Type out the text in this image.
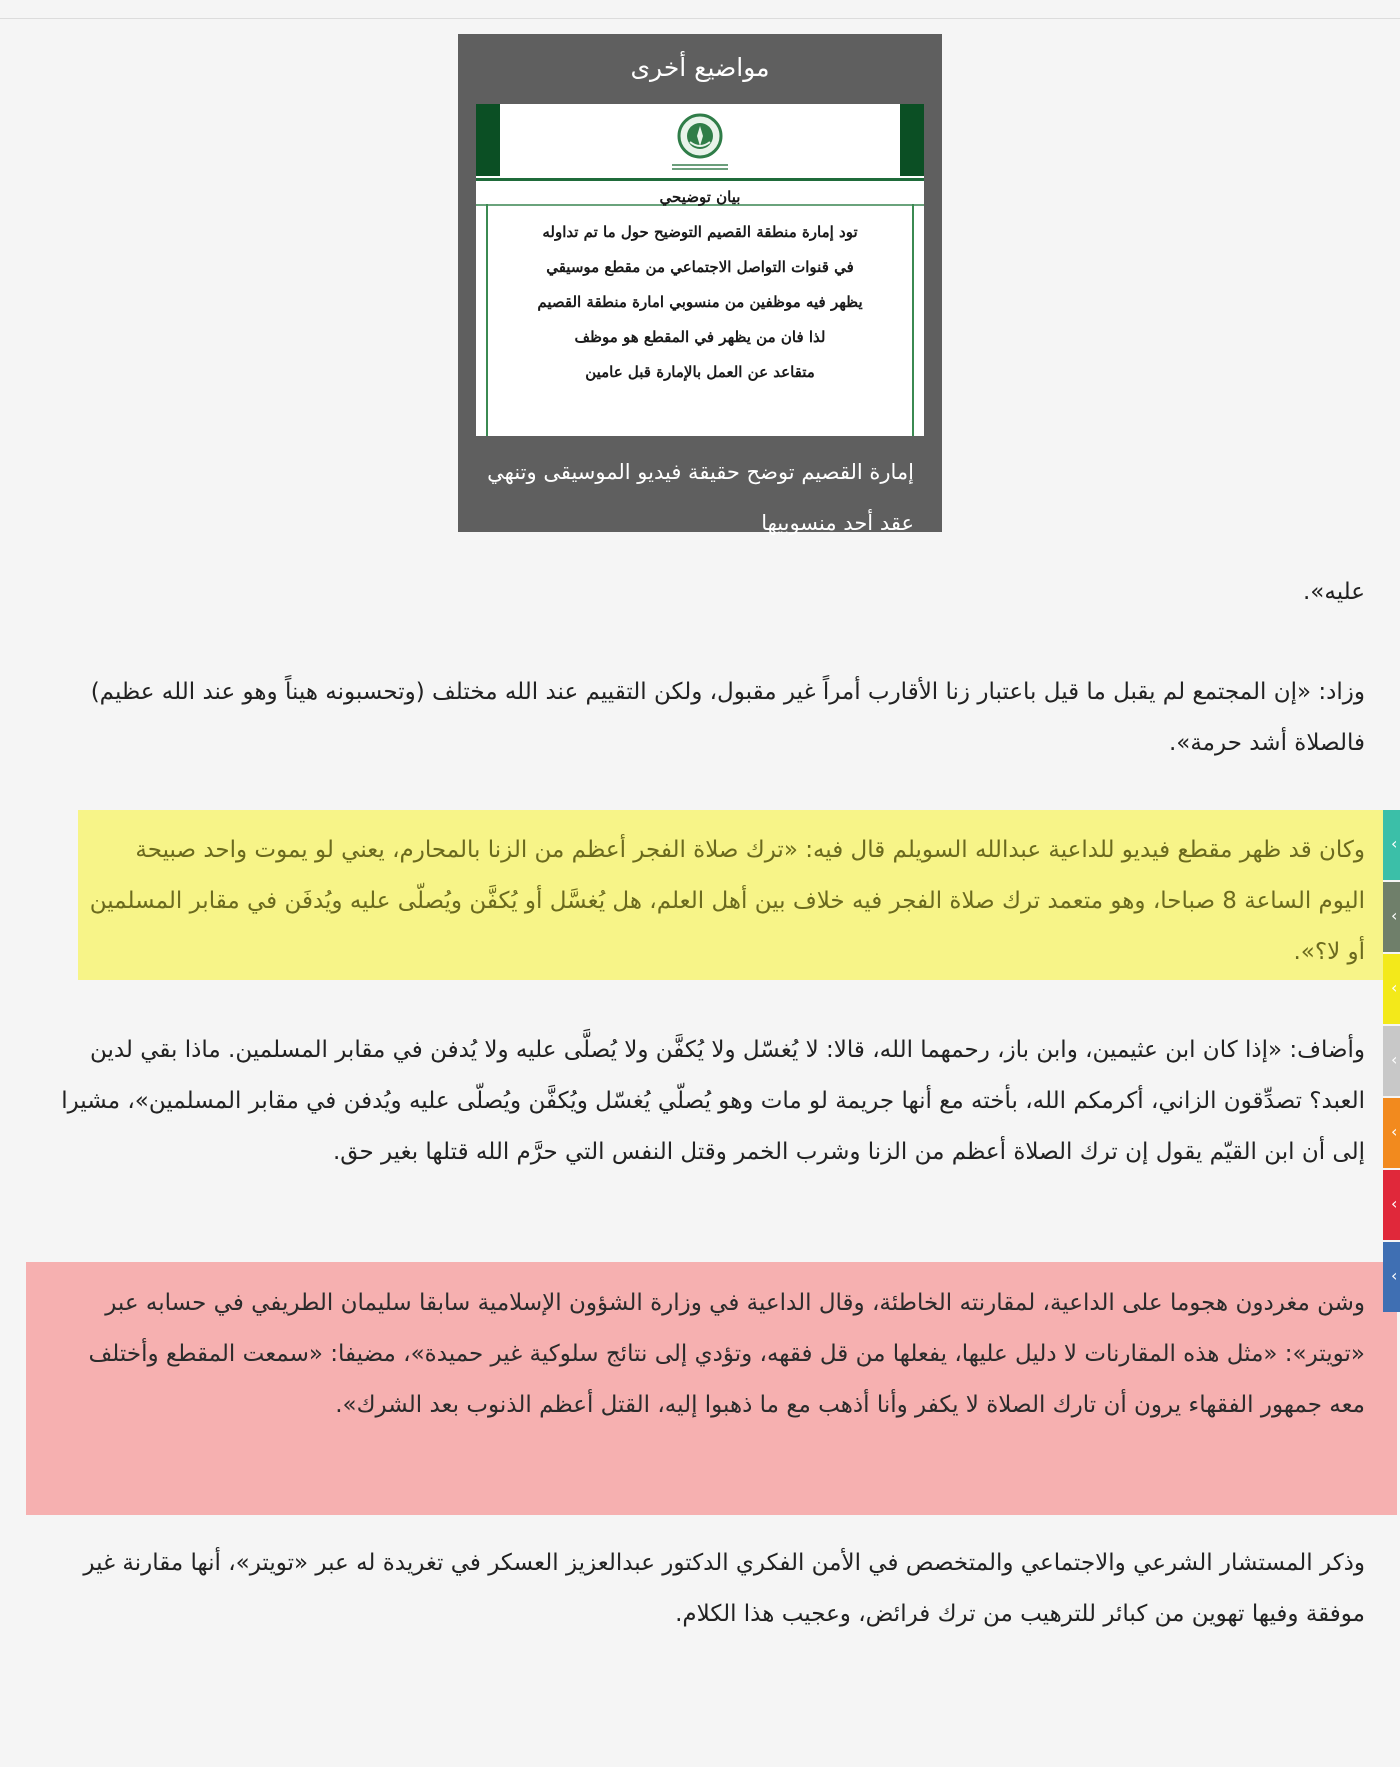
مواضيع أخرى
بيان توضيحي
تود إمارة منطقة القصيم التوضيح حول ما تم تداوله
في قنوات التواصل الاجتماعي من مقطع موسيقي
يظهر فيه موظفين من منسوبي امارة منطقة القصيم
لذا فان من يظهر في المقطع هو موظف
متقاعد عن العمل بالإمارة قبل عامين
إمارة القصيم توضح حقيقة فيديو الموسيقى وتنهي عقد أحد منسوبيها

عليه».

وزاد: «إن المجتمع لم يقبل ما قيل باعتبار زنا الأقارب أمراً غير مقبول، ولكن التقييم عند الله مختلف (وتحسبونه هيناً وهو عند الله عظيم) فالصلاة أشد حرمة».

وكان قد ظهر مقطع فيديو للداعية عبدالله السويلم قال فيه: «ترك صلاة الفجر أعظم من الزنا بالمحارم، يعني لو يموت واحد صبيحة اليوم الساعة 8 صباحا، وهو متعمد ترك صلاة الفجر فيه خلاف بين أهل العلم، هل يُغسَّل أو يُكفَّن ويُصلّى عليه ويُدفَن في مقابر المسلمين أو لا؟».

وأضاف: «إذا كان ابن عثيمين، وابن باز، رحمهما الله، قالا: لا يُغسّل ولا يُكفَّن ولا يُصلَّى عليه ولا يُدفن في مقابر المسلمين. ماذا بقي لدين العبد؟ تصدِّقون الزاني، أكرمكم الله، بأخته مع أنها جريمة لو مات وهو يُصلّي يُغسّل ويُكفَّن ويُصلّى عليه ويُدفن في مقابر المسلمين»، مشيرا إلى أن ابن القيّم يقول إن ترك الصلاة أعظم من الزنا وشرب الخمر وقتل النفس التي حرَّم الله قتلها بغير حق.

وشن مغردون هجوما على الداعية، لمقارنته الخاطئة، وقال الداعية في وزارة الشؤون الإسلامية سابقا سليمان الطريفي في حسابه عبر «تويتر»: «مثل هذه المقارنات لا دليل عليها، يفعلها من قل فقهه، وتؤدي إلى نتائج سلوكية غير حميدة»، مضيفا: «سمعت المقطع وأختلف معه جمهور الفقهاء يرون أن تارك الصلاة لا يكفر وأنا أذهب مع ما ذهبوا إليه، القتل أعظم الذنوب بعد الشرك».

وذكر المستشار الشرعي والاجتماعي والمتخصص في الأمن الفكري الدكتور عبدالعزيز العسكر في تغريدة له عبر «تويتر»، أنها مقارنة غير موفقة وفيها تهوين من كبائر للترهيب من ترك فرائض، وعجيب هذا الكلام.

‹
‹
‹
‹
‹
‹
‹
